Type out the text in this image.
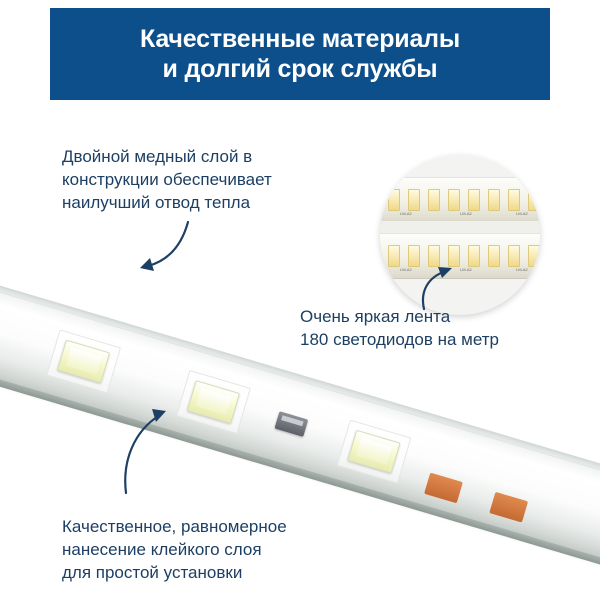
Качественные материалы
и долгий срок службы
LM-A2	LM-A2	LM-A2
LM-A2	LM-A2	LM-A2
Двойной медный слой в
конструкции обеспечивает
наилучший отвод тепла
Очень яркая лента
180 светодиодов на метр
Качественное, равномерное
нанесение клейкого слоя
для простой установки
